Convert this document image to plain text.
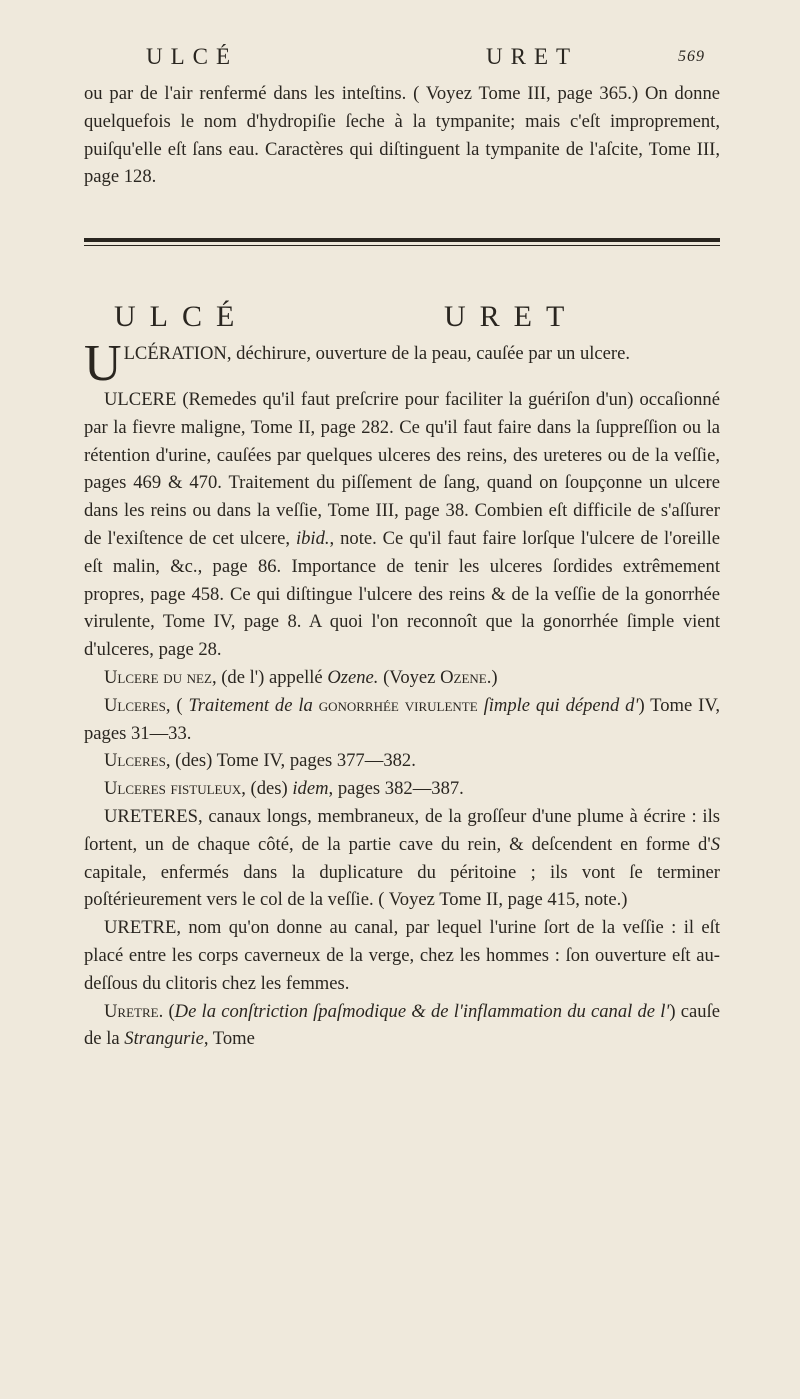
ULCÉ	URET	569
ou par de l'air renfermé dans les inteſtins. ( Voyez Tome III, page 365.) On donne quelquefois le nom d'hydropiſie ſeche à la tympanite; mais c'eſt improprement, puiſqu'elle eſt ſans eau. Caractères qui diſtinguent la tympanite de l'aſcite, Tome III, page 128.
ULCÉ	URET

ULCÉRATION, déchirure, ouverture de la peau, cauſée par un ulcere.

ULCERE (Remedes qu'il faut preſcrire pour faciliter la guériſon d'un) occaſionné par la fievre maligne, Tome II, page 282. Ce qu'il faut faire dans la ſuppreſſion ou la rétention d'urine, cauſées par quelques ulceres des reins, des ureteres ou de la veſſie, pages 469 & 470. Traitement du piſſement de ſang, quand on ſoupçonne un ulcere dans les reins ou dans la veſſie, Tome III, page 38. Combien eſt difficile de s'aſſurer de l'exiſtence de cet ulcere, ibid., note. Ce qu'il faut faire lorſque l'ulcere de l'oreille eſt malin, &c., page 86. Importance de tenir les ulceres ſordides extrêmement propres, page 458. Ce qui diſtingue l'ulcere des reins & de la veſſie de la gonorrhée virulente, Tome IV, page 8. A quoi l'on reconnoît que la gonorrhée ſimple vient d'ulceres, page 28.

Ulcere du nez, (de l') appellé Ozene. (Voyez Ozene.)

Ulceres, ( Traitement de la gonorrhée virulente ſimple qui dépend d') Tome IV, pages 31—33.

Ulceres, (des) Tome IV, pages 377—382.

Ulceres fistuleux, (des) idem, pages 382—387.

URETERES, canaux longs, membraneux, de la groſſeur d'une plume à écrire : ils ſortent, un de chaque côté, de la partie cave du rein, & deſcendent en forme d'S capitale, enfermés dans la duplicature du péritoine ; ils vont ſe terminer poſtérieurement vers le col de la veſſie. ( Voyez Tome II, page 415, note.)

URETRE, nom qu'on donne au canal, par lequel l'urine ſort de la veſſie : il eſt placé entre les corps caverneux de la verge, chez les hommes : ſon ouverture eſt au-deſſous du clitoris chez les femmes.

Uretre. (De la conſtriction ſpaſmodique & de l'inflammation du canal de l') cauſe de la Strangurie, Tome
